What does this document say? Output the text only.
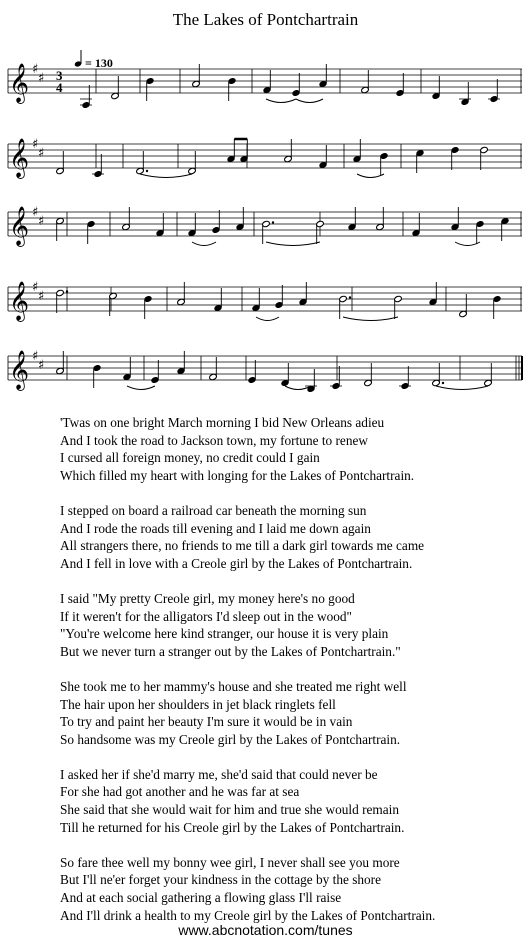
The Lakes of Pontchartrain
𝄞 ♯
♯ 3
4
𝄞 ♯
♯
𝄞 ♯
♯
𝄞 ♯
♯
𝄞 ♯
♯
= 130
'Twas on one bright March morning I bid New Orleans adieu
And I took the road to Jackson town, my fortune to renew
I cursed all foreign money, no credit could I gain
Which filled my heart with longing for the Lakes of Pontchartrain.
I stepped on board a railroad car beneath the morning sun
And I rode the roads till evening and I laid me down again
All strangers there, no friends to me till a dark girl towards me came
And I fell in love with a Creole girl by the Lakes of Pontchartrain.
I said "My pretty Creole girl, my money here's no good
If it weren't for the alligators I'd sleep out in the wood"
"You're welcome here kind stranger, our house it is very plain
But we never turn a stranger out by the Lakes of Pontchartrain."
She took me to her mammy's house and she treated me right well
The hair upon her shoulders in jet black ringlets fell
To try and paint her beauty I'm sure it would be in vain
So handsome was my Creole girl by the Lakes of Pontchartrain.
I asked her if she'd marry me, she'd said that could never be
For she had got another and he was far at sea
She said that she would wait for him and true she would remain
Till he returned for his Creole girl by the Lakes of Pontchartrain.
So fare thee well my bonny wee girl, I never shall see you more
But I'll ne'er forget your kindness in the cottage by the shore
And at each social gathering a flowing glass I'll raise
And I'll drink a health to my Creole girl by the Lakes of Pontchartrain.
www.abcnotation.com/tunes
